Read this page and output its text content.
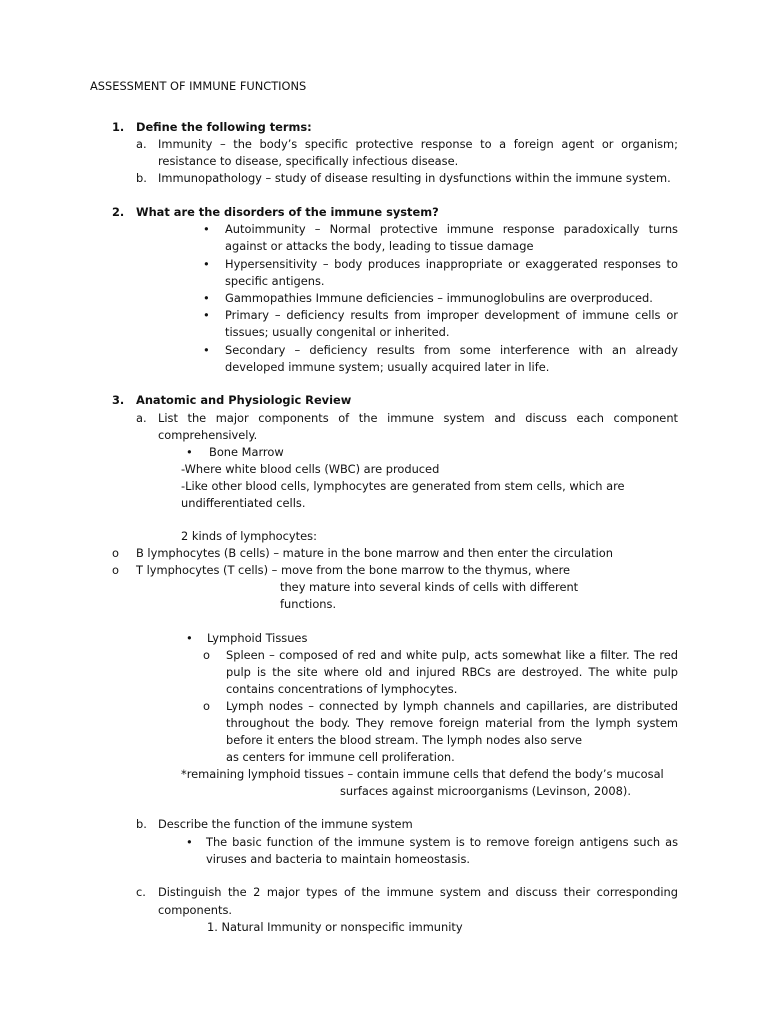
ASSESSMENT OF IMMUNE FUNCTIONS
1. Define the following terms:
a. Immunity – the body’s specific protective response to a foreign agent or organism;
resistance to disease, specifically infectious disease.
b. Immunopathology – study of disease resulting in dysfunctions within the immune system.
2. What are the disorders of the immune system?
• Autoimmunity – Normal protective immune response paradoxically turns
against or attacks the body, leading to tissue damage
• Hypersensitivity – body produces inappropriate or exaggerated responses to
specific antigens.
• Gammopathies Immune deficiencies – immunoglobulins are overproduced.
• Primary – deficiency results from improper development of immune cells or
tissues; usually congenital or inherited.
• Secondary – deficiency results from some interference with an already
developed immune system; usually acquired later in life.
3. Anatomic and Physiologic Review
a. List the major components of the immune system and discuss each component
comprehensively.
• Bone Marrow
-Where white blood cells (WBC) are produced
-Like other blood cells, lymphocytes are generated from stem cells, which are
undifferentiated cells.
2 kinds of lymphocytes:
o B lymphocytes (B cells) – mature in the bone marrow and then enter the circulation
o T lymphocytes (T cells) – move from the bone marrow to the thymus, where
they mature into several kinds of cells with different
functions.
• Lymphoid Tissues
o Spleen – composed of red and white pulp, acts somewhat like a filter. The red
pulp is the site where old and injured RBCs are destroyed. The white pulp
contains concentrations of lymphocytes.
o Lymph nodes – connected by lymph channels and capillaries, are distributed
throughout the body. They remove foreign material from the lymph system
before it enters the blood stream. The lymph nodes also serve
as centers for immune cell proliferation.
*remaining lymphoid tissues – contain immune cells that defend the body’s mucosal
surfaces against microorganisms (Levinson, 2008).
b. Describe the function of the immune system
• The basic function of the immune system is to remove foreign antigens such as
viruses and bacteria to maintain homeostasis.
c. Distinguish the 2 major types of the immune system and discuss their corresponding
components.
1. Natural Immunity or nonspecific immunity
